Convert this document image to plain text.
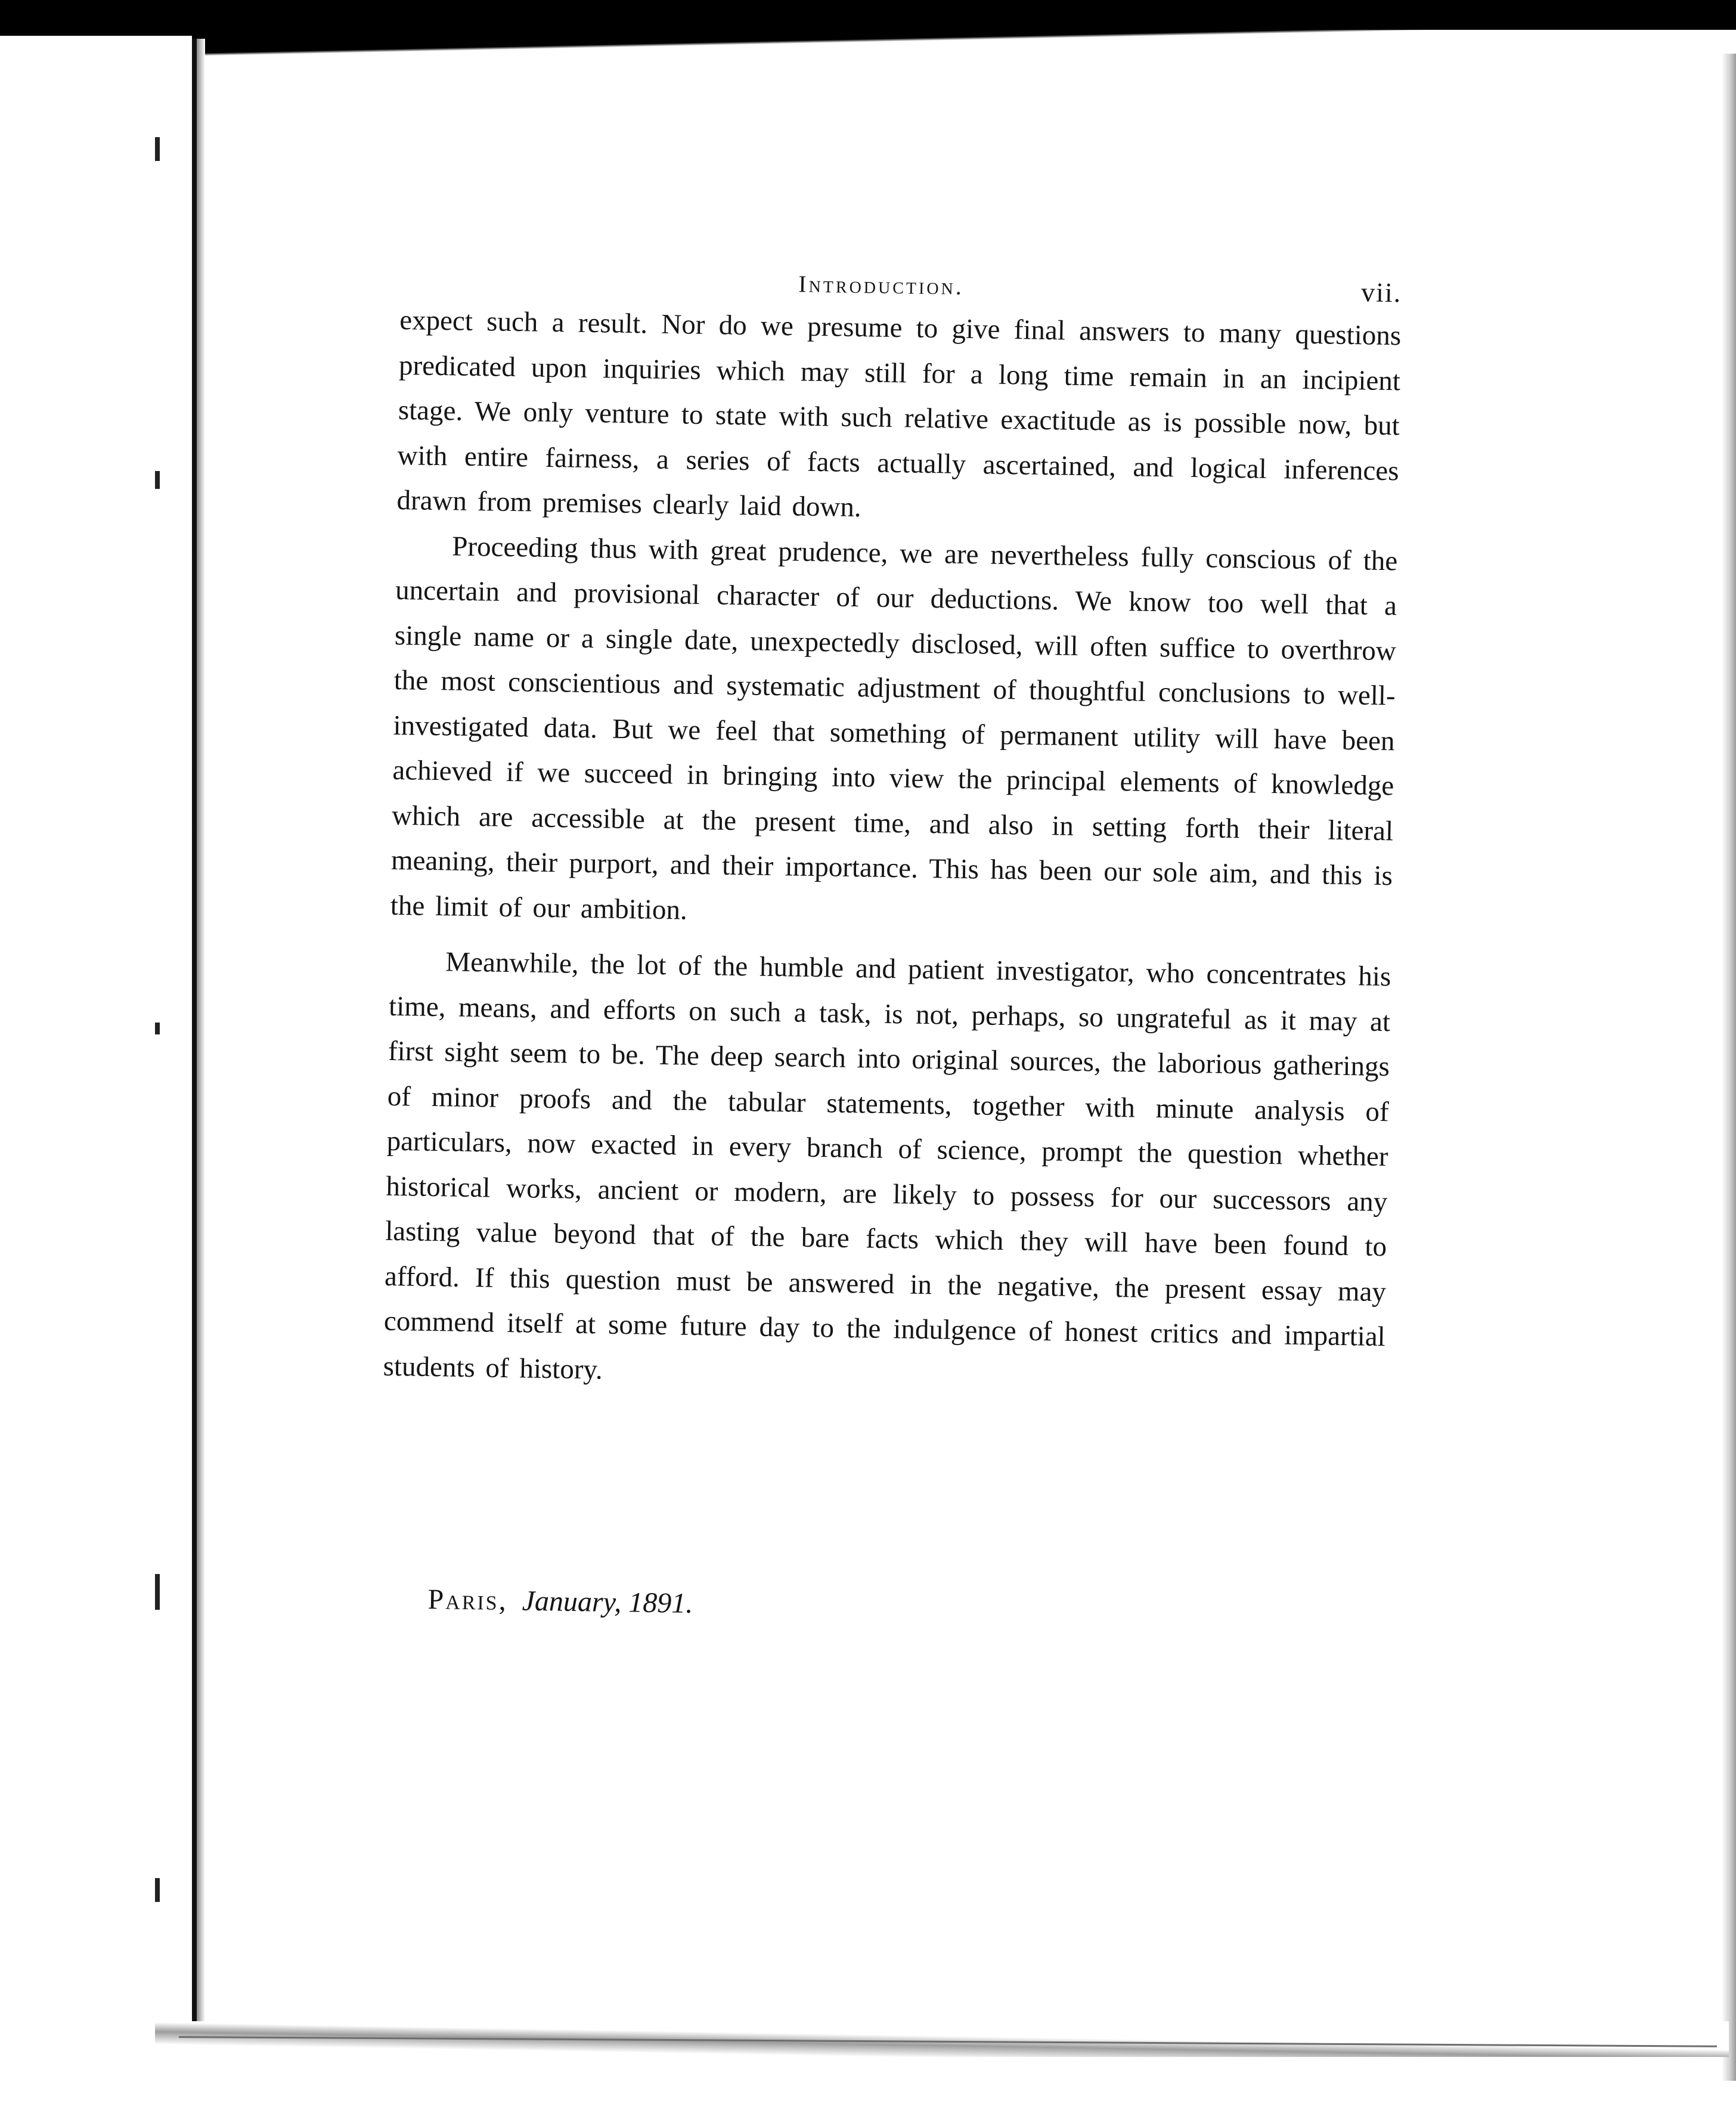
Introduction.	vii.

expect such a result. Nor do we presume to give final answers to many questions predicated upon inquiries which may still for a long time remain in an incipient stage. We only venture to state with such relative exactitude as is possible now, but with entire fairness, a series of facts actually ascertained, and logical inferences drawn from premises clearly laid down.

Proceeding thus with great prudence, we are nevertheless fully conscious of the uncertain and provisional character of our deductions. We know too well that a single name or a single date, unexpectedly disclosed, will often suffice to overthrow the most conscientious and systematic adjustment of thoughtful conclusions to well-investigated data. But we feel that something of permanent utility will have been achieved if we succeed in bringing into view the principal elements of knowledge which are accessible at the present time, and also in setting forth their literal meaning, their purport, and their importance. This has been our sole aim, and this is the limit of our ambition.

Meanwhile, the lot of the humble and patient investigator, who concentrates his time, means, and efforts on such a task, is not, perhaps, so ungrateful as it may at first sight seem to be. The deep search into original sources, the laborious gatherings of minor proofs and the tabular statements, together with minute analysis of particulars, now exacted in every branch of science, prompt the question whether historical works, ancient or modern, are likely to possess for our successors any lasting value beyond that of the bare facts which they will have been found to afford. If this question must be answered in the negative, the present essay may commend itself at some future day to the indulgence of honest critics and impartial students of history.

Paris, January, 1891.
